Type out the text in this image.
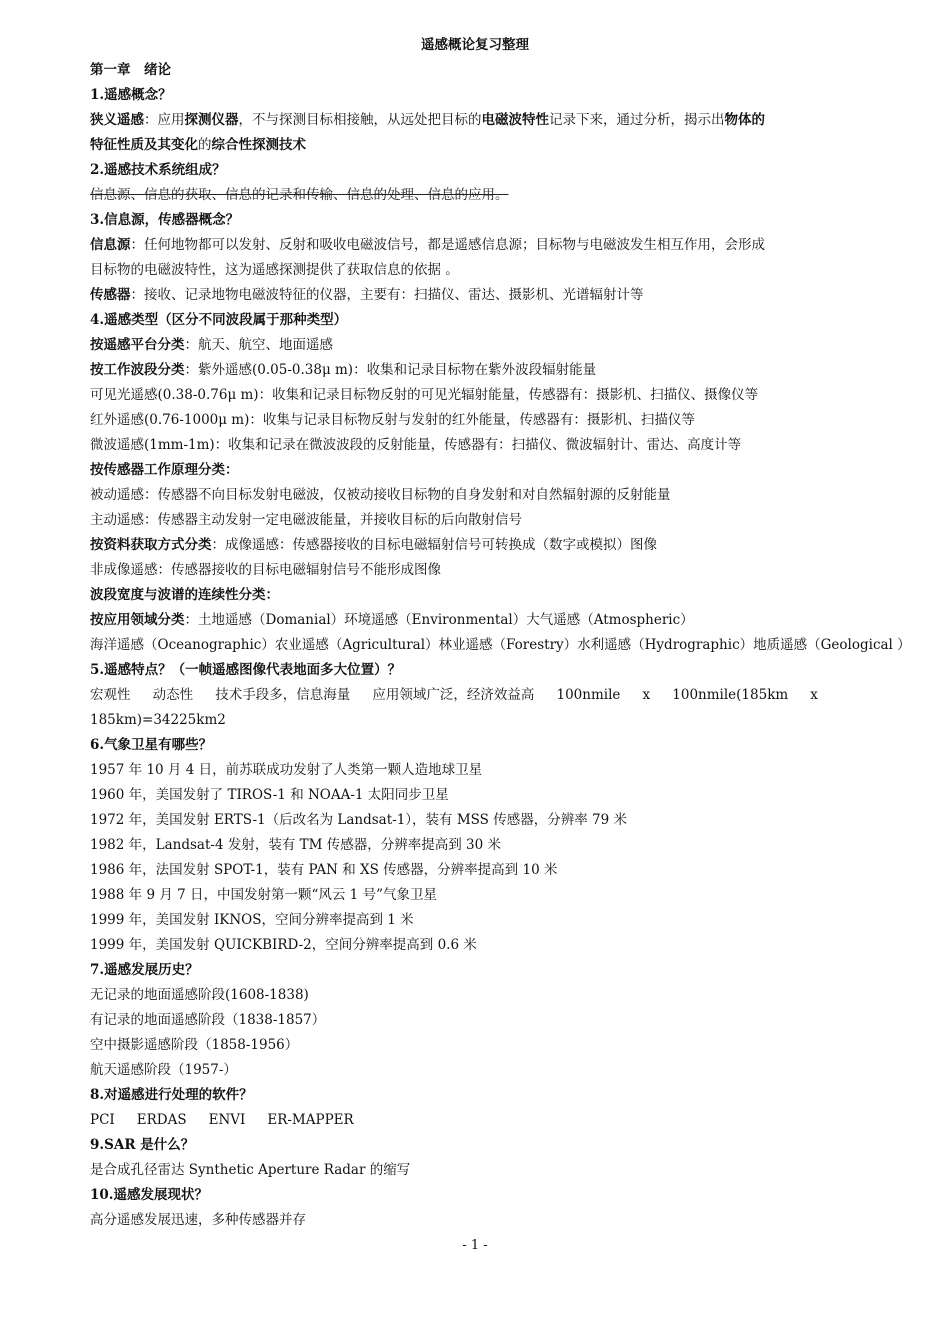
遥感概论复习整理
第一章　绪论
1.遥感概念？
狭义遥感：应用探测仪器，不与探测目标相接触，从远处把目标的电磁波特性记录下来，通过分析，揭示出物体的
特征性质及其变化的综合性探测技术
2.遥感技术系统组成？
信息源、信息的获取、信息的记录和传输、信息的处理、信息的应用。
3.信息源，传感器概念？
信息源：任何地物都可以发射、反射和吸收电磁波信号，都是遥感信息源；目标物与电磁波发生相互作用，会形成
目标物的电磁波特性，这为遥感探测提供了获取信息的依据 。
传感器：接收、记录地物电磁波特征的仪器，主要有：扫描仪、雷达、摄影机、光谱辐射计等
4.遥感类型（区分不同波段属于那种类型）
按遥感平台分类：航天、航空、地面遥感
按工作波段分类：紫外遥感(0.05-0.38μ m)：收集和记录目标物在紫外波段辐射能量
可见光遥感(0.38-0.76μ m)：收集和记录目标物反射的可见光辐射能量，传感器有：摄影机、扫描仪、摄像仪等
红外遥感(0.76-1000μ m)：收集与记录目标物反射与发射的红外能量，传感器有：摄影机、扫描仪等
微波遥感(1mm-1m)：收集和记录在微波波段的反射能量，传感器有：扫描仪、微波辐射计、雷达、高度计等
按传感器工作原理分类：
被动遥感：传感器不向目标发射电磁波，仅被动接收目标物的自身发射和对自然辐射源的反射能量
主动遥感：传感器主动发射一定电磁波能量，并接收目标的后向散射信号
按资料获取方式分类：成像遥感：传感器接收的目标电磁辐射信号可转换成（数字或模拟）图像
非成像遥感：传感器接收的目标电磁辐射信号不能形成图像
波段宽度与波谱的连续性分类：
按应用领域分类：土地遥感（Domanial）环境遥感（Environmental）大气遥感（Atmospheric）
海洋遥感（Oceanographic）农业遥感（Agricultural）林业遥感（Forestry）水利遥感（Hydrographic）地质遥感（Geological ）
5.遥感特点？（一帧遥感图像代表地面多大位置）？
宏观性 动态性 技术手段多，信息海量 应用领域广泛，经济效益高 100nmile x 100nmile(185km x
185km)=34225km2
6.气象卫星有哪些？
1957 年 10 月 4 日，前苏联成功发射了人类第一颗人造地球卫星
1960 年，美国发射了 TIROS-1 和 NOAA-1 太阳同步卫星
1972 年，美国发射 ERTS-1（后改名为 Landsat-1），装有 MSS 传感器，分辨率 79 米
1982 年，Landsat-4 发射，装有 TM 传感器，分辨率提高到 30 米
1986 年，法国发射 SPOT-1，装有 PAN 和 XS 传感器，分辨率提高到 10 米
1988 年 9 月 7 日，中国发射第一颗“风云 1 号”气象卫星
1999 年，美国发射 IKNOS，空间分辨率提高到 1 米
1999 年，美国发射 QUICKBIRD-2，空间分辨率提高到 0.6 米
7.遥感发展历史？
无记录的地面遥感阶段(1608-1838)
有记录的地面遥感阶段（1838-1857）
空中摄影遥感阶段（1858-1956）
航天遥感阶段（1957-）
8.对遥感进行处理的软件？
PCI ERDAS ENVI ER-MAPPER
9.SAR 是什么？
是合成孔径雷达 Synthetic Aperture Radar 的缩写
10.遥感发展现状？
高分遥感发展迅速，多种传感器并存
- 1 -
